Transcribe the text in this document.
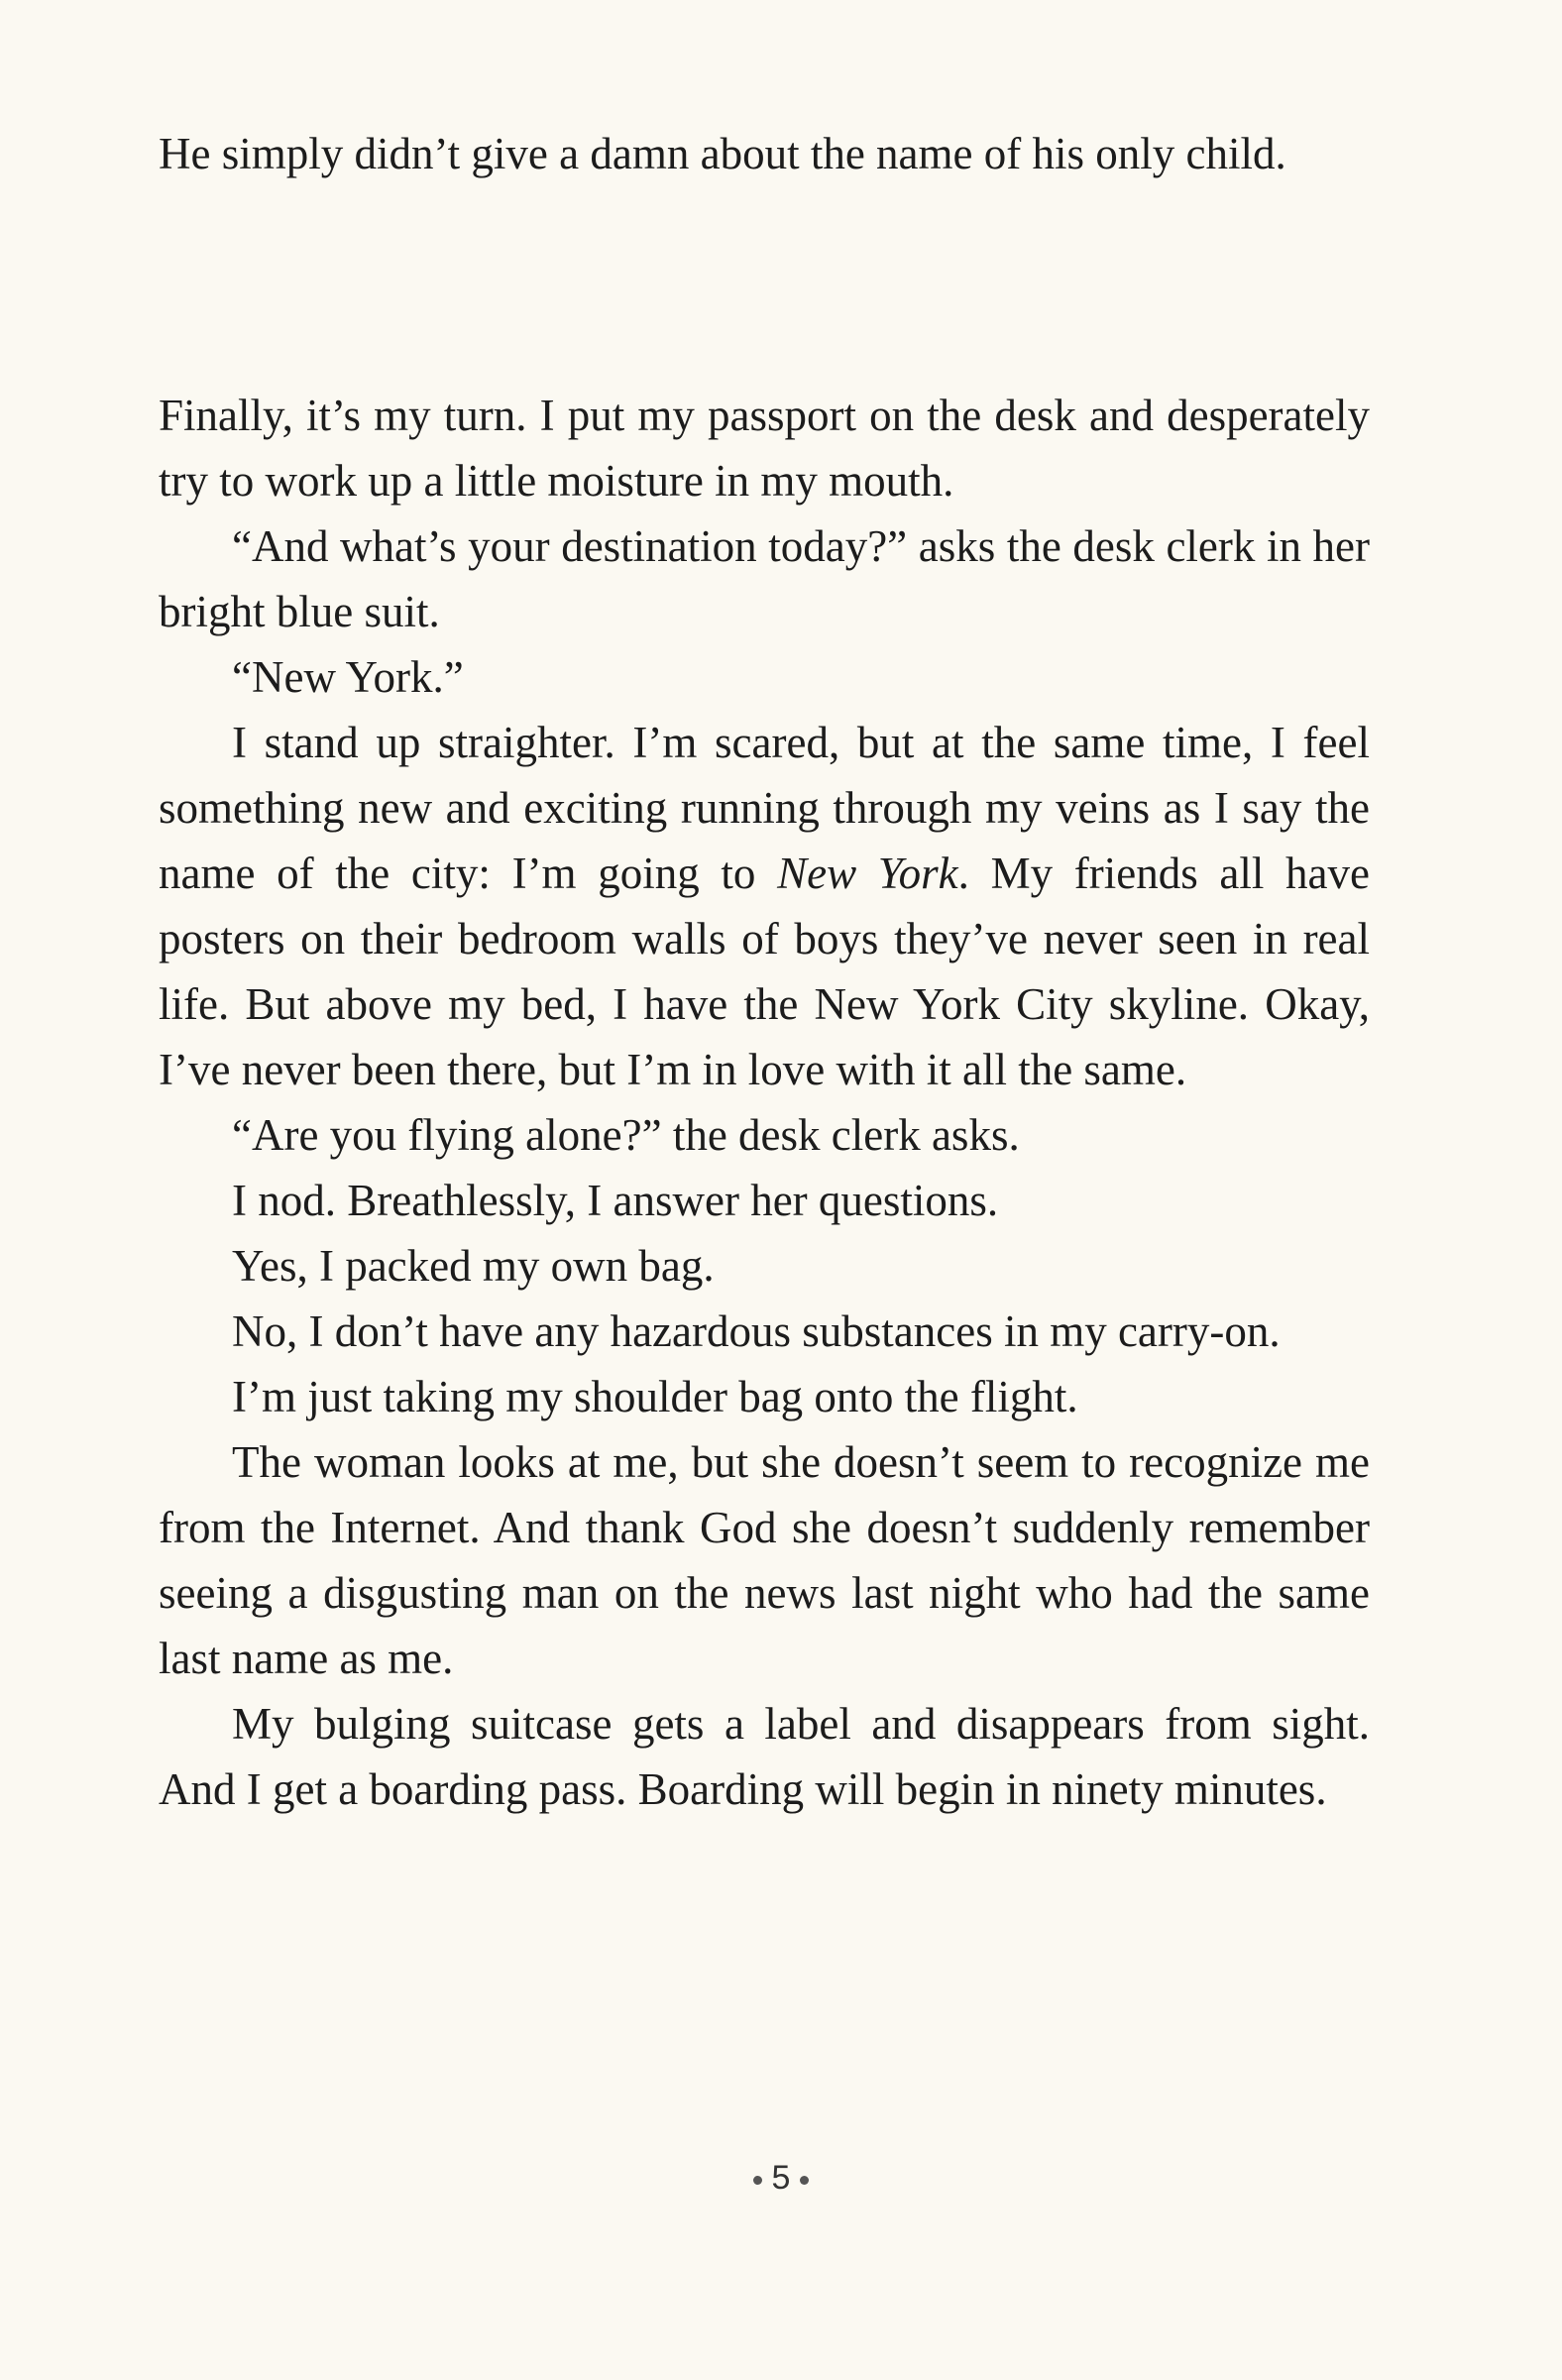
He simply didn’t give a damn about the name of his only child.

Finally, it’s my turn. I put my passport on the desk and desperately try to work up a little moisture in my mouth.

“And what’s your destination today?” asks the desk clerk in her bright blue suit.

“New York.”

I stand up straighter. I’m scared, but at the same time, I feel something new and exciting running through my veins as I say the name of the city: I’m going to New York. My friends all have posters on their bedroom walls of boys they’ve never seen in real life. But above my bed, I have the New York City skyline. Okay, I’ve never been there, but I’m in love with it all the same.

“Are you flying alone?” the desk clerk asks.

I nod. Breathlessly, I answer her questions.

Yes, I packed my own bag.

No, I don’t have any hazardous substances in my carry-on.

I’m just taking my shoulder bag onto the flight.

The woman looks at me, but she doesn’t seem to recognize me from the Internet. And thank God she doesn’t suddenly remember seeing a disgusting man on the news last night who had the same last name as me.

My bulging suitcase gets a label and disappears from sight. And I get a boarding pass. Boarding will begin in ninety minutes.

5
